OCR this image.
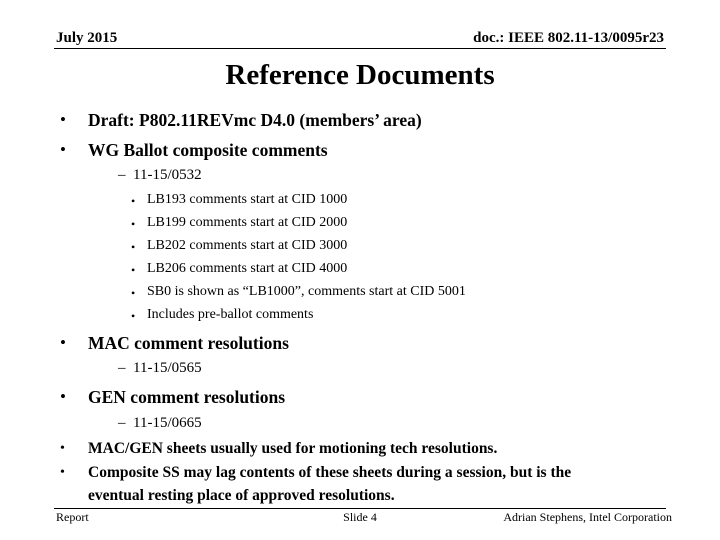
July 2015	doc.: IEEE 802.11-13/0095r23
Reference Documents
• Draft: P802.11REVmc D4.0 (members’ area)
• WG Ballot composite comments
– 11-15/0532
• LB193 comments start at CID 1000
• LB199 comments start at CID 2000
• LB202 comments start at CID 3000
• LB206 comments start at CID 4000
• SB0 is shown as “LB1000”, comments start at CID 5001
• Includes pre-ballot comments
• MAC comment resolutions
– 11-15/0565
• GEN comment resolutions
– 11-15/0665
• MAC/GEN sheets usually used for motioning tech resolutions.
• Composite SS may lag contents of these sheets during a session, but is the
eventual resting place of approved resolutions.
Report	Slide 4	Adrian Stephens, Intel Corporation
